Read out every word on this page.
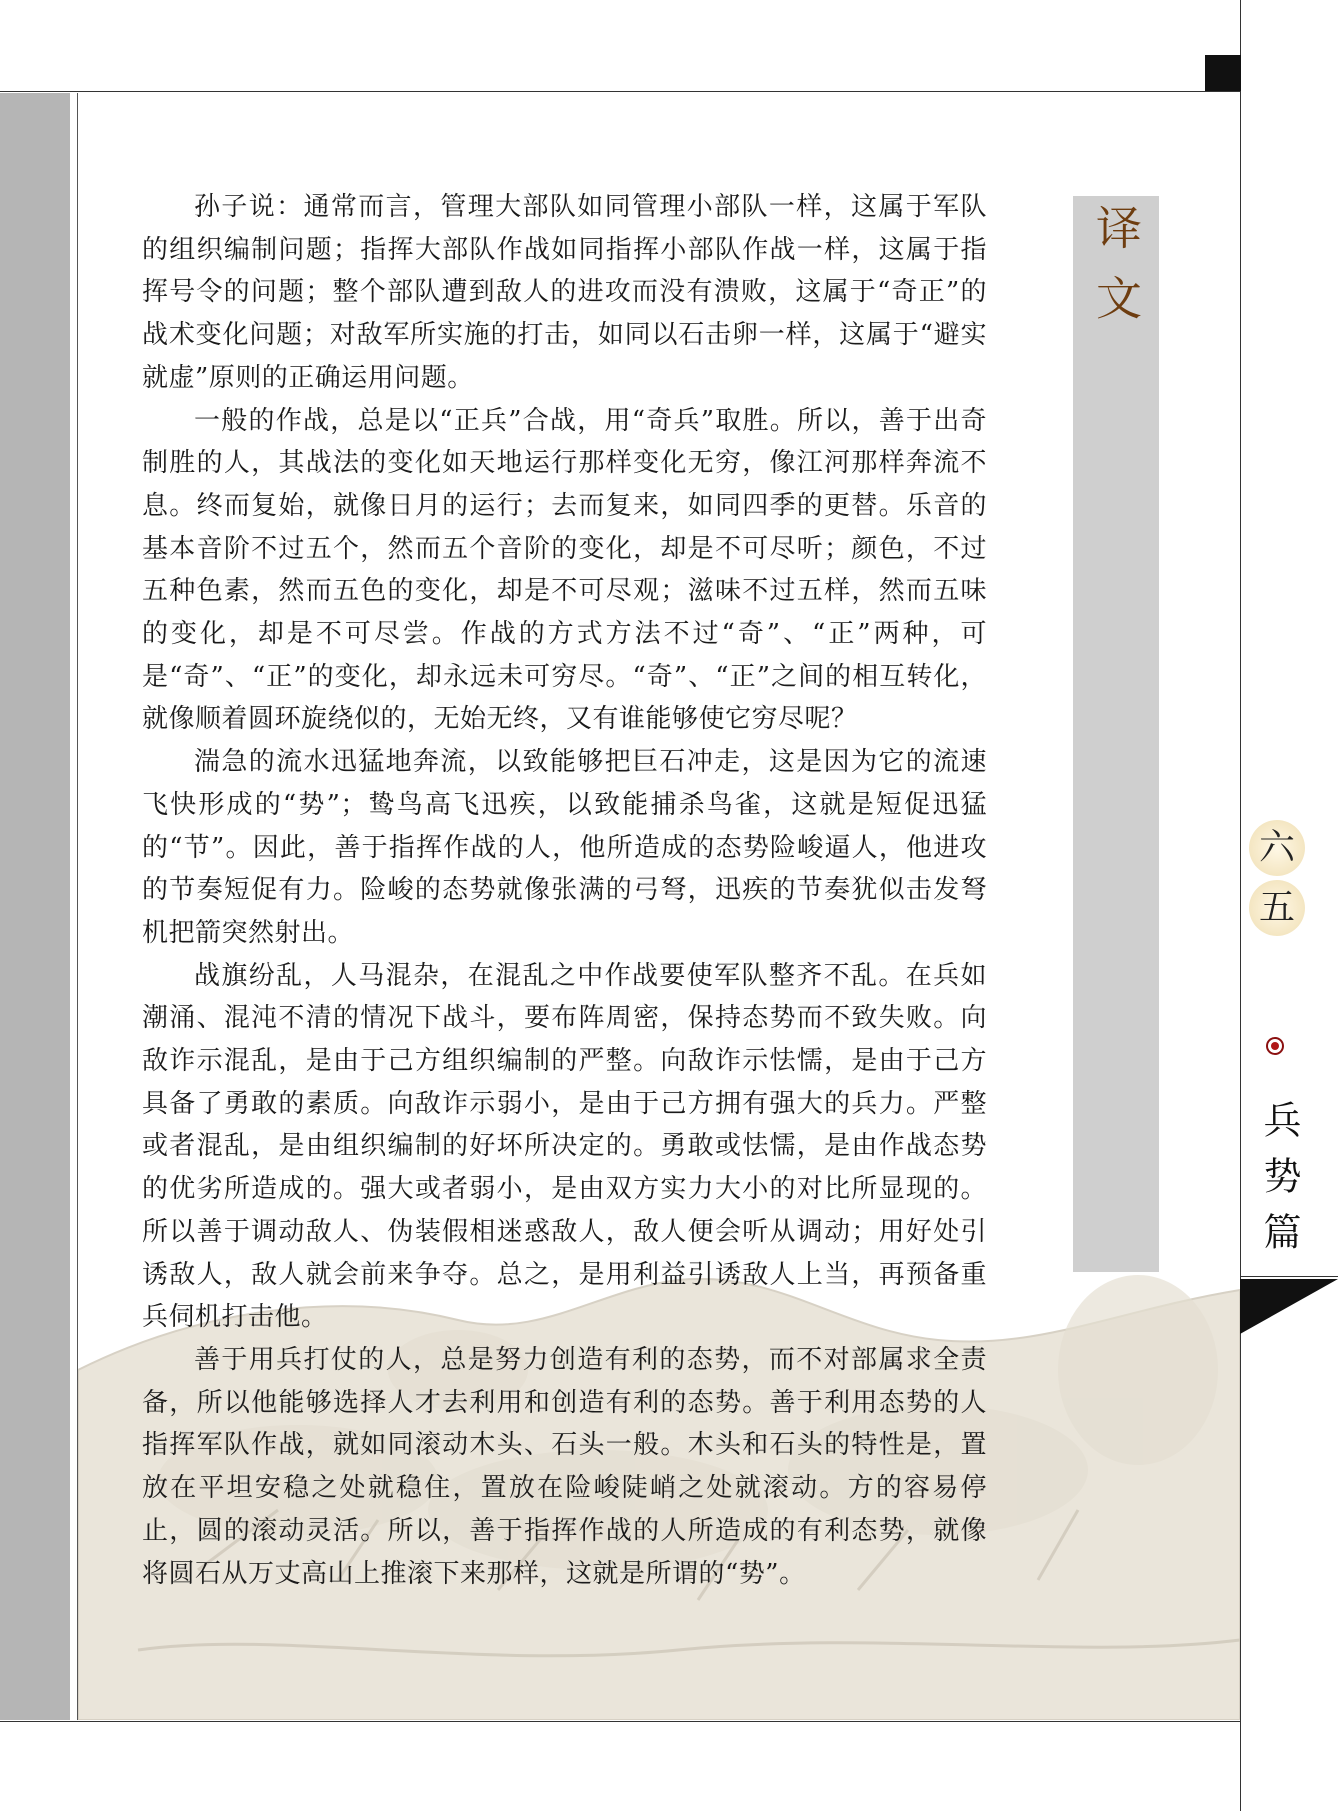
孙子说：通常而言，管理大部队如同管理小部队一样，这属于军队的组织编制问题；指挥大部队作战如同指挥小部队作战一样，这属于指挥号令的问题；整个部队遭到敌人的进攻而没有溃败，这属于“奇正”的战术变化问题；对敌军所实施的打击，如同以石击卵一样，这属于“避实就虚”原则的正确运用问题。

一般的作战，总是以“正兵”合战，用“奇兵”取胜。所以，善于出奇制胜的人，其战法的变化如天地运行那样变化无穷，像江河那样奔流不息。终而复始，就像日月的运行；去而复来，如同四季的更替。乐音的基本音阶不过五个，然而五个音阶的变化，却是不可尽听；颜色，不过五种色素，然而五色的变化，却是不可尽观；滋味不过五样，然而五味的变化，却是不可尽尝。作战的方式方法不过“奇”、“正”两种，可是“奇”、“正”的变化，却永远未可穷尽。“奇”、“正”之间的相互转化，就像顺着圆环旋绕似的，无始无终，又有谁能够使它穷尽呢？

湍急的流水迅猛地奔流，以致能够把巨石冲走，这是因为它的流速飞快形成的“势”；鸷鸟高飞迅疾，以致能捕杀鸟雀，这就是短促迅猛的“节”。因此，善于指挥作战的人，他所造成的态势险峻逼人，他进攻的节奏短促有力。险峻的态势就像张满的弓弩，迅疾的节奏犹似击发弩机把箭突然射出。

战旗纷乱，人马混杂，在混乱之中作战要使军队整齐不乱。在兵如潮涌、混沌不清的情况下战斗，要布阵周密，保持态势而不致失败。向敌诈示混乱，是由于己方组织编制的严整。向敌诈示怯懦，是由于己方具备了勇敢的素质。向敌诈示弱小，是由于己方拥有强大的兵力。严整或者混乱，是由组织编制的好坏所决定的。勇敢或怯懦，是由作战态势的优劣所造成的。强大或者弱小，是由双方实力大小的对比所显现的。所以善于调动敌人、伪装假相迷惑敌人，敌人便会听从调动；用好处引诱敌人，敌人就会前来争夺。总之，是用利益引诱敌人上当，再预备重兵伺机打击他。

善于用兵打仗的人，总是努力创造有利的态势，而不对部属求全责备，所以他能够选择人才去利用和创造有利的态势。善于利用态势的人指挥军队作战，就如同滚动木头、石头一般。木头和石头的特性是，置放在平坦安稳之处就稳住，置放在险峻陡峭之处就滚动。方的容易停止，圆的滚动灵活。所以，善于指挥作战的人所造成的有利态势，就像将圆石从万丈高山上推滚下来那样，这就是所谓的“势”。

译文
六
五
兵势篇
